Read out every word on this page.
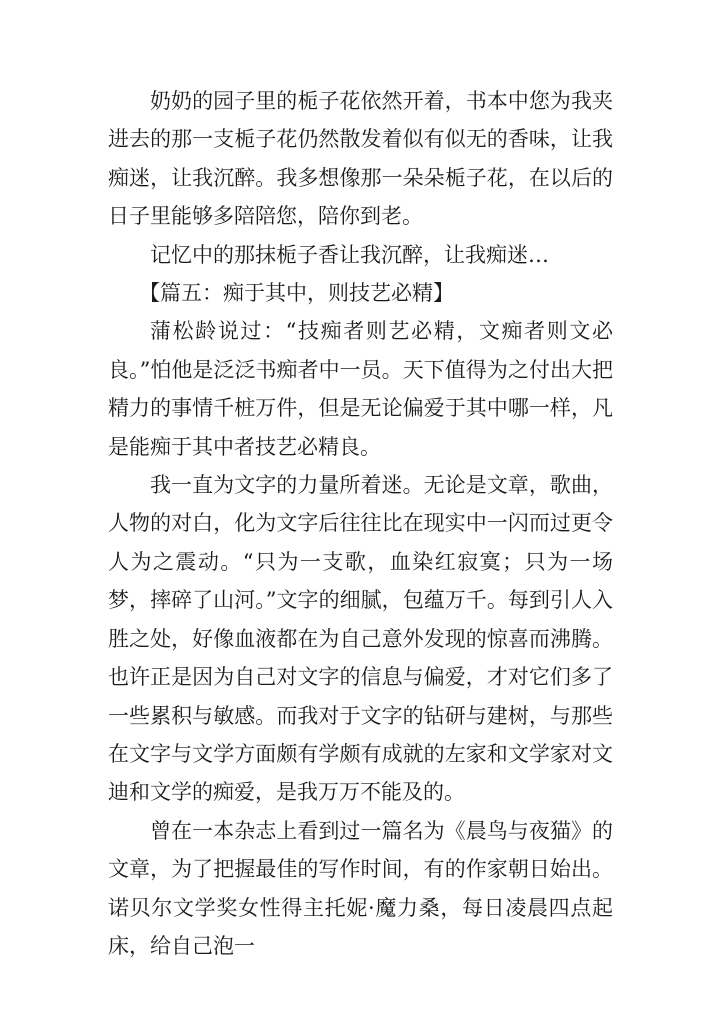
奶奶的园子里的栀子花依然开着，书本中您为我夹进去的那一支栀子花仍然散发着似有似无的香味，让我痴迷，让我沉醉。我多想像那一朵朵栀子花，在以后的日子里能够多陪陪您，陪你到老。

记忆中的那抹栀子香让我沉醉，让我痴迷…

【篇五：痴于其中，则技艺必精】

蒲松龄说过：“技痴者则艺必精，文痴者则文必良。”怕他是泛泛书痴者中一员。天下值得为之付出大把精力的事情千桩万件，但是无论偏爱于其中哪一样，凡是能痴于其中者技艺必精良。

我一直为文字的力量所着迷。无论是文章，歌曲，人物的对白，化为文字后往往比在现实中一闪而过更令人为之震动。“只为一支歌，血染红寂寞；只为一场梦，摔碎了山河。”文字的细腻，包蕴万千。每到引人入胜之处，好像血液都在为自己意外发现的惊喜而沸腾。也许正是因为自己对文字的信息与偏爱，才对它们多了一些累积与敏感。而我对于文字的钻研与建树，与那些在文字与文学方面颇有学颇有成就的左家和文学家对文迪和文学的痴爱，是我万万不能及的。

曾在一本杂志上看到过一篇名为《晨鸟与夜猫》的文章，为了把握最佳的写作时间，有的作家朝日始出。诺贝尔文学奖女性得主托妮·魔力桑，每日凌晨四点起床，给自己泡一
